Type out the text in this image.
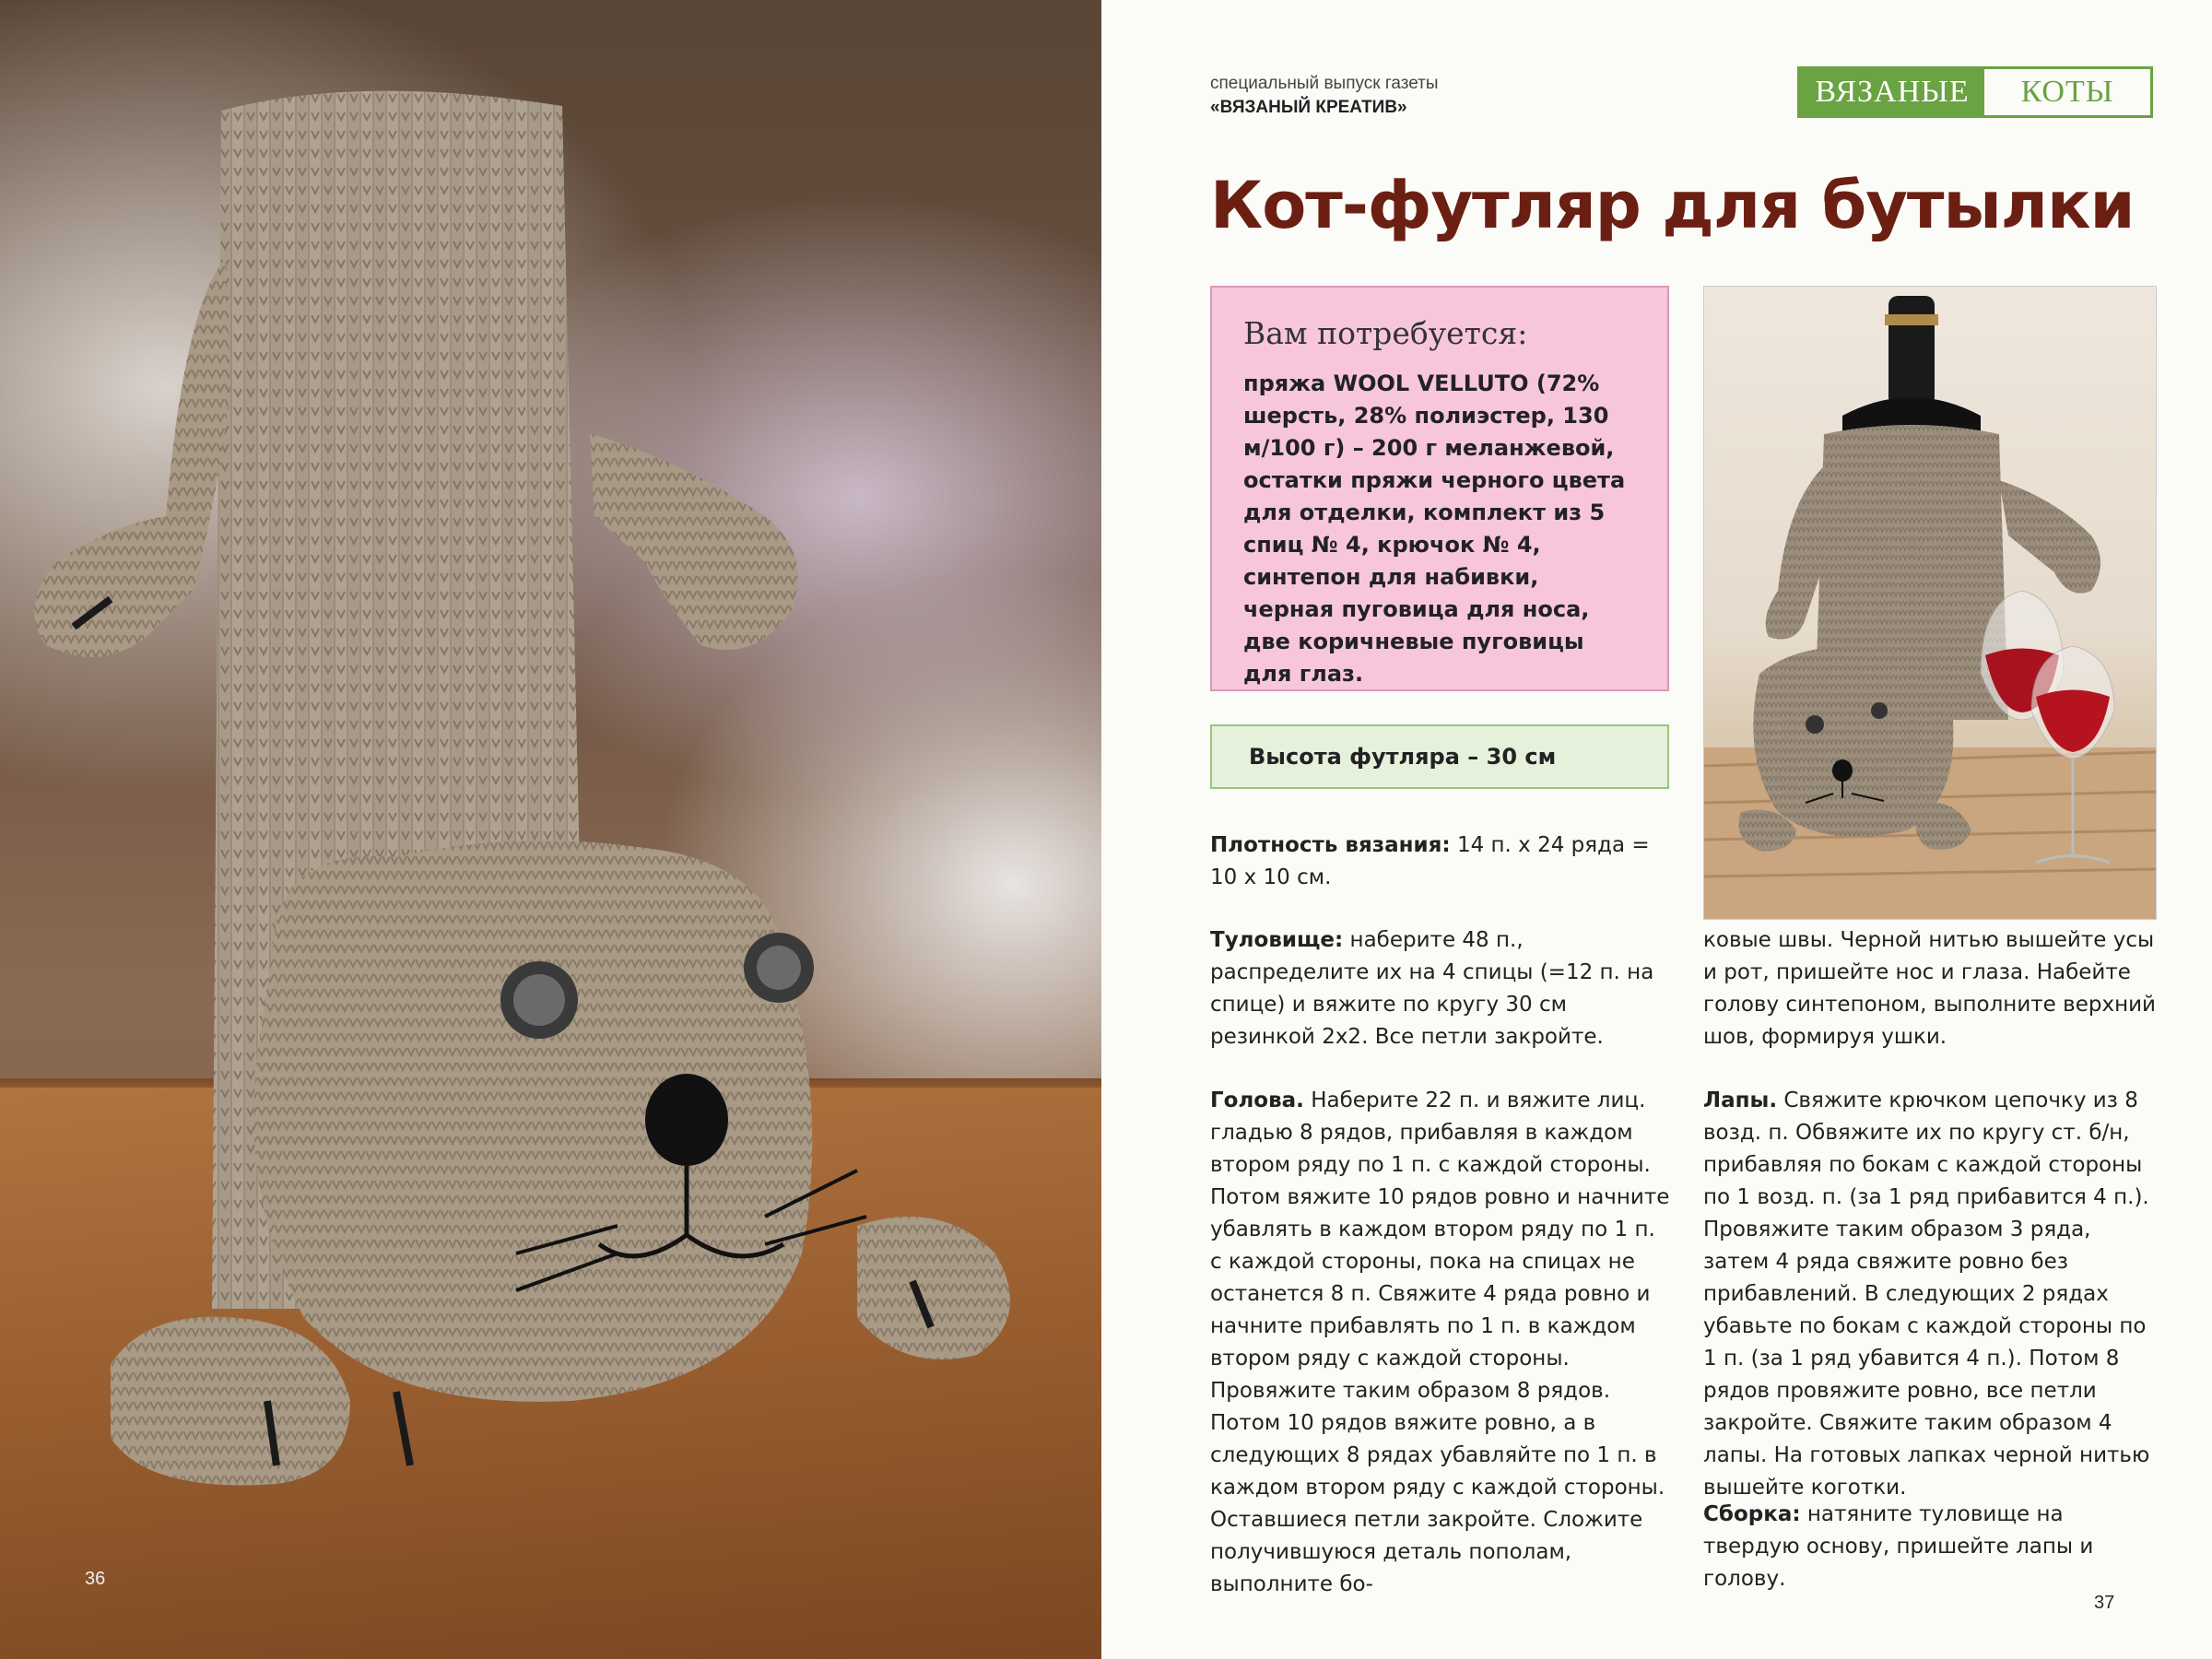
36
специальный выпуск газеты
«ВЯЗАНЫЙ КРЕАТИВ»	ВЯЗАНЫЕ	КОТЫ
Кот-футляр для бутылки
Вам потребуется:
пряжа WOOL VELLUTO (72% шерсть, 28% полиэстер, 130 м/100 г) – 200 г меланжевой, остатки пряжи черного цвета для отделки, комплект из 5 спиц № 4, крючок № 4, синтепон для набивки, черная пуговица для носа, две коричневые пуговицы для глаз.
Высота футляра – 30 см
Плотность вязания: 14 п. х 24 ряда = 10 х 10 см.
Туловище: наберите 48 п., распределите их на 4 спицы (=12 п. на спице) и вяжите по кругу 30 см резинкой 2х2. Все петли закройте.
Голова. Наберите 22 п. и вяжите лиц. гладью 8 рядов, прибавляя в каждом втором ряду по 1 п. с каждой стороны. Потом вяжите 10 рядов ровно и начните убавлять в каждом втором ряду по 1 п. с каждой стороны, пока на спицах не останется 8 п. Свяжите 4 ряда ровно и начните прибавлять по 1 п. в каждом втором ряду с каждой стороны. Провяжите таким образом 8 рядов. Потом 10 рядов вяжите ровно, а в следующих 8 рядах убавляйте по 1 п. в каждом втором ряду с каждой стороны. Оставшиеся петли закройте. Сложите получившуюся деталь пополам, выполните бо-
ковые швы. Черной нитью вышейте усы и рот, пришейте нос и глаза. Набейте голову синтепоном, выполните верхний шов, формируя ушки.
Лапы. Свяжите крючком цепочку из 8 возд. п. Обвяжите их по кругу ст. б/н, прибавляя по бокам с каждой стороны по 1 возд. п. (за 1 ряд прибавится 4 п.). Провяжите таким образом 3 ряда, затем 4 ряда свяжите ровно без прибавлений. В следующих 2 рядах убавьте по бокам с каждой стороны по 1 п. (за 1 ряд убавится 4 п.). Потом 8 рядов провяжите ровно, все петли закройте. Свяжите таким образом 4 лапы. На готовых лапках черной нитью вышейте коготки.
Сборка: натяните туловище на твердую основу, пришейте лапы и голову.
37
